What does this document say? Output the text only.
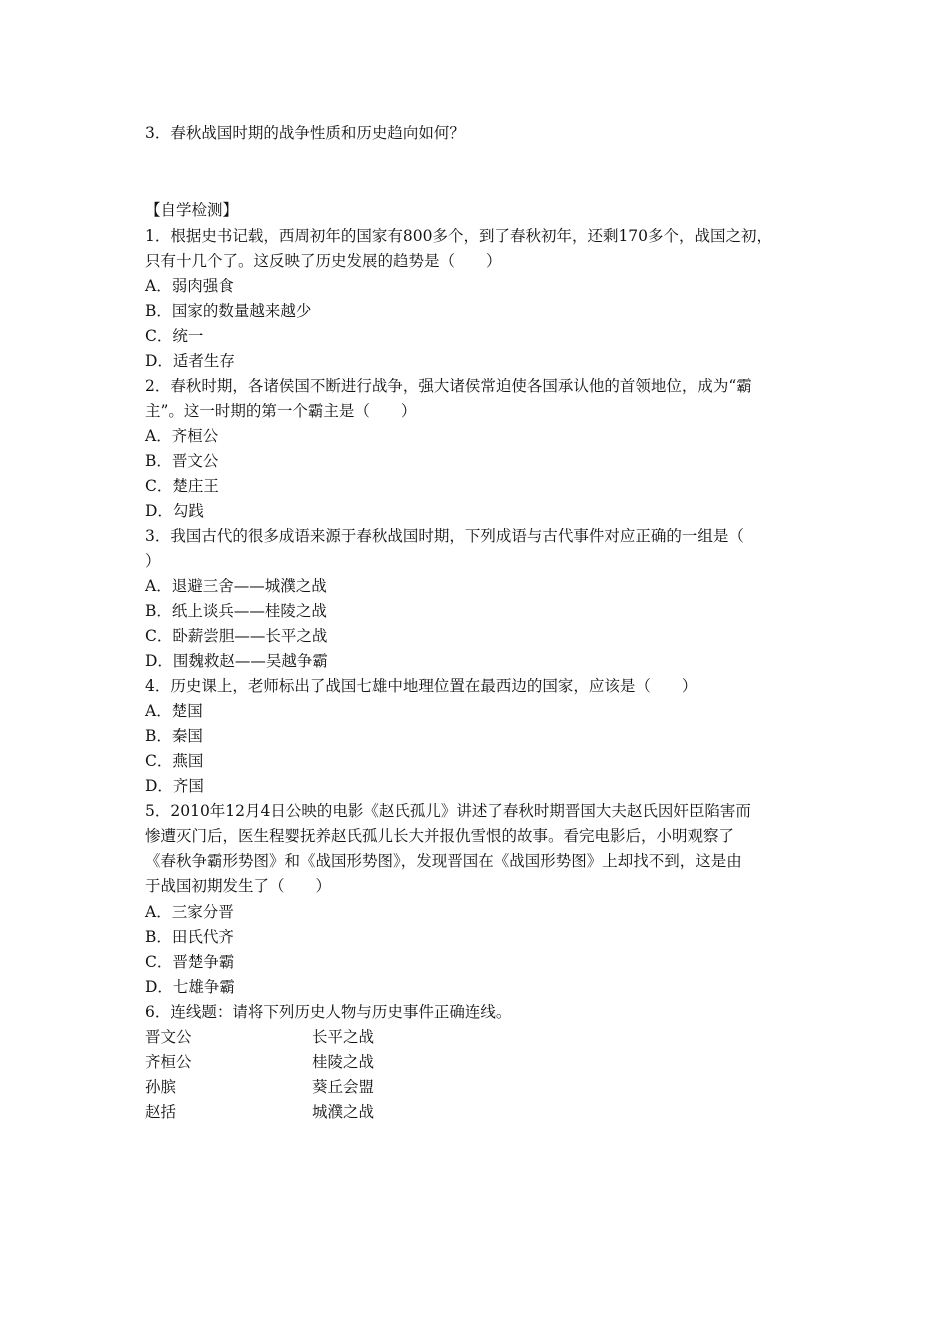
3．春秋战国时期的战争性质和历史趋向如何？
【自学检测】
1．根据史书记载，西周初年的国家有800多个，到了春秋初年，还剩170多个，战国之初，
只有十几个了。这反映了历史发展的趋势是（　　）
A．弱肉强食
B．国家的数量越来越少
C．统一
D．适者生存
2．春秋时期，各诸侯国不断进行战争，强大诸侯常迫使各国承认他的首领地位，成为“霸
主”。这一时期的第一个霸主是（　　）
A．齐桓公
B．晋文公
C．楚庄王
D．勾践
3．我国古代的很多成语来源于春秋战国时期，下列成语与古代事件对应正确的一组是（
）
A．退避三舍——城濮之战
B．纸上谈兵——桂陵之战
C．卧薪尝胆——长平之战
D．围魏救赵——吴越争霸
4．历史课上，老师标出了战国七雄中地理位置在最西边的国家，应该是（　　）
A．楚国
B．秦国
C．燕国
D．齐国
5．2010年12月4日公映的电影《赵氏孤儿》讲述了春秋时期晋国大夫赵氏因奸臣陷害而
惨遭灭门后，医生程婴抚养赵氏孤儿长大并报仇雪恨的故事。看完电影后，小明观察了
《春秋争霸形势图》和《战国形势图》，发现晋国在《战国形势图》上却找不到，这是由
于战国初期发生了（　　）
A．三家分晋
B．田氏代齐
C．晋楚争霸
D．七雄争霸
6．连线题：请将下列历史人物与历史事件正确连线。
晋文公	长平之战
齐桓公	桂陵之战
孙膑	葵丘会盟
赵括	城濮之战
